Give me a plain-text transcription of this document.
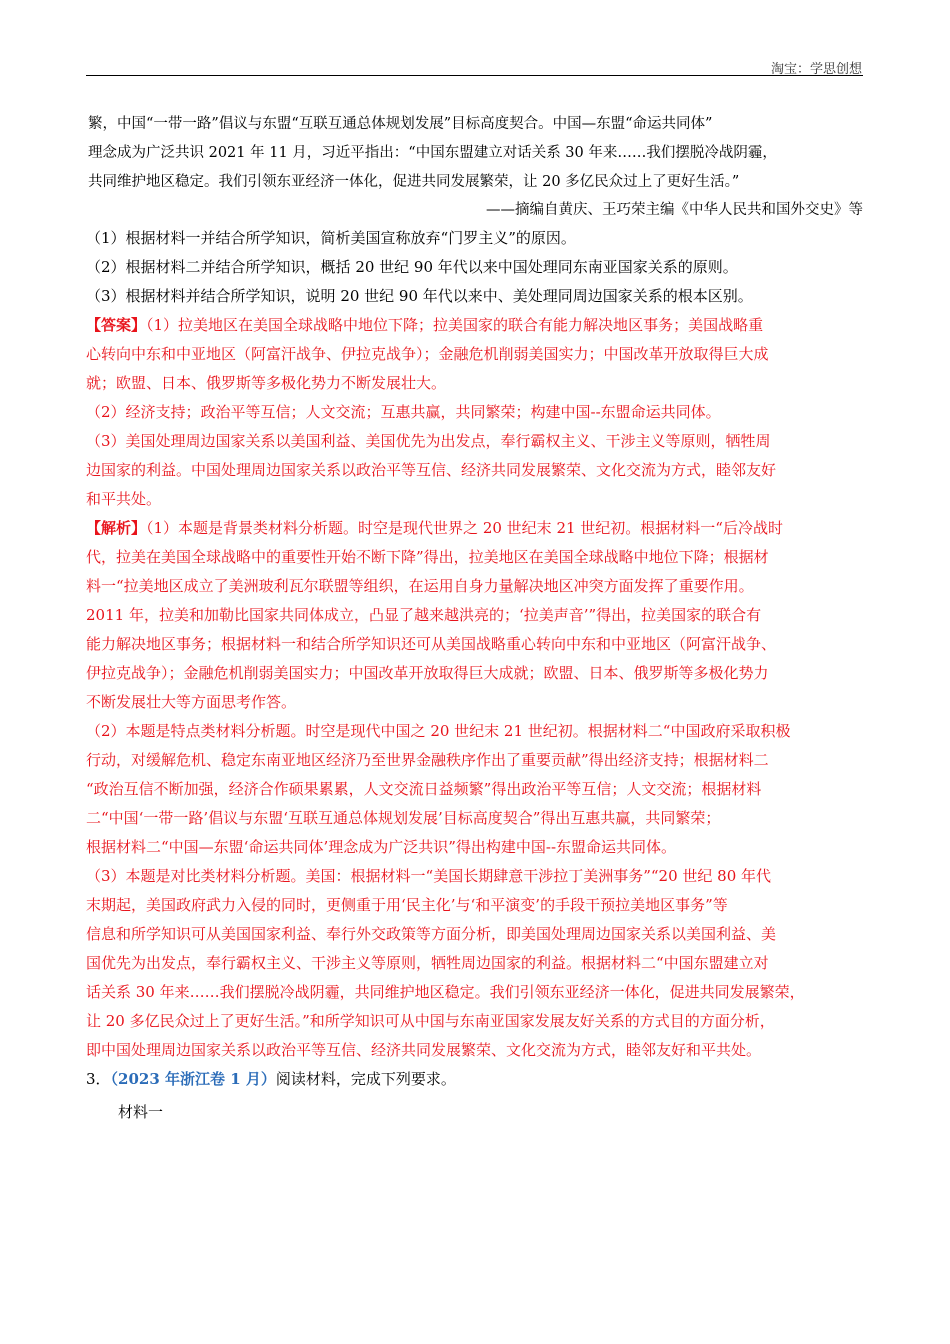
淘宝：学思创想

繁，中国“一带一路”倡议与东盟“互联互通总体规划发展”目标高度契合。中国—东盟“命运共同体”

理念成为广泛共识 2021 年 11 月，习近平指出：“中国东盟建立对话关系 30 年来……我们摆脱冷战阴霾，

共同维护地区稳定。我们引领东亚经济一体化，促进共同发展繁荣，让 20 多亿民众过上了更好生活。”

——摘编自黄庆、王巧荣主编《中华人民共和国外交史》等

（1）根据材料一并结合所学知识，简析美国宣称放弃“门罗主义”的原因。

（2）根据材料二并结合所学知识，概括 20 世纪 90 年代以来中国处理同东南亚国家关系的原则。

（3）根据材料并结合所学知识，说明 20 世纪 90 年代以来中、美处理同周边国家关系的根本区别。

【答案】（1）拉美地区在美国全球战略中地位下降；拉美国家的联合有能力解决地区事务；美国战略重

心转向中东和中亚地区（阿富汗战争、伊拉克战争）；金融危机削弱美国实力；中国改革开放取得巨大成

就；欧盟、日本、俄罗斯等多极化势力不断发展壮大。

（2）经济支持；政治平等互信；人文交流；互惠共赢，共同繁荣；构建中国--东盟命运共同体。

（3）美国处理周边国家关系以美国利益、美国优先为出发点，奉行霸权主义、干涉主义等原则，牺牲周

边国家的利益。中国处理周边国家关系以政治平等互信、经济共同发展繁荣、文化交流为方式，睦邻友好

和平共处。

【解析】（1）本题是背景类材料分析题。时空是现代世界之 20 世纪末 21 世纪初。根据材料一“后冷战时

代，拉美在美国全球战略中的重要性开始不断下降”得出，拉美地区在美国全球战略中地位下降；根据材

料一“拉美地区成立了美洲玻利瓦尔联盟等组织，在运用自身力量解决地区冲突方面发挥了重要作用。

2011 年，拉美和加勒比国家共同体成立，凸显了越来越洪亮的；‘拉美声音’”得出，拉美国家的联合有

能力解决地区事务；根据材料一和结合所学知识还可从美国战略重心转向中东和中亚地区（阿富汗战争、

伊拉克战争）；金融危机削弱美国实力；中国改革开放取得巨大成就；欧盟、日本、俄罗斯等多极化势力

不断发展壮大等方面思考作答。

（2）本题是特点类材料分析题。时空是现代中国之 20 世纪末 21 世纪初。根据材料二“中国政府采取积极

行动，对缓解危机、稳定东南亚地区经济乃至世界金融秩序作出了重要贡献”得出经济支持；根据材料二

“政治互信不断加强，经济合作硕果累累，人文交流日益频繁”得出政治平等互信；人文交流；根据材料

二“中国‘一带一路’倡议与东盟‘互联互通总体规划发展’目标高度契合”得出互惠共赢，共同繁荣；

根据材料二“中国—东盟‘命运共同体’理念成为广泛共识”得出构建中国--东盟命运共同体。

（3）本题是对比类材料分析题。美国：根据材料一“美国长期肆意干涉拉丁美洲事务”“20 世纪 80 年代

末期起，美国政府武力入侵的同时，更侧重于用‘民主化’与‘和平演变’的手段干预拉美地区事务”等

信息和所学知识可从美国国家利益、奉行外交政策等方面分析，即美国处理周边国家关系以美国利益、美

国优先为出发点，奉行霸权主义、干涉主义等原则，牺牲周边国家的利益。根据材料二“中国东盟建立对

话关系 30 年来……我们摆脱冷战阴霾，共同维护地区稳定。我们引领东亚经济一体化，促进共同发展繁荣，

让 20 多亿民众过上了更好生活。”和所学知识可从中国与东南亚国家发展友好关系的方式目的方面分析，

即中国处理周边国家关系以政治平等互信、经济共同发展繁荣、文化交流为方式，睦邻友好和平共处。

3．（2023 年浙江卷 1 月）阅读材料，完成下列要求。

材料一
